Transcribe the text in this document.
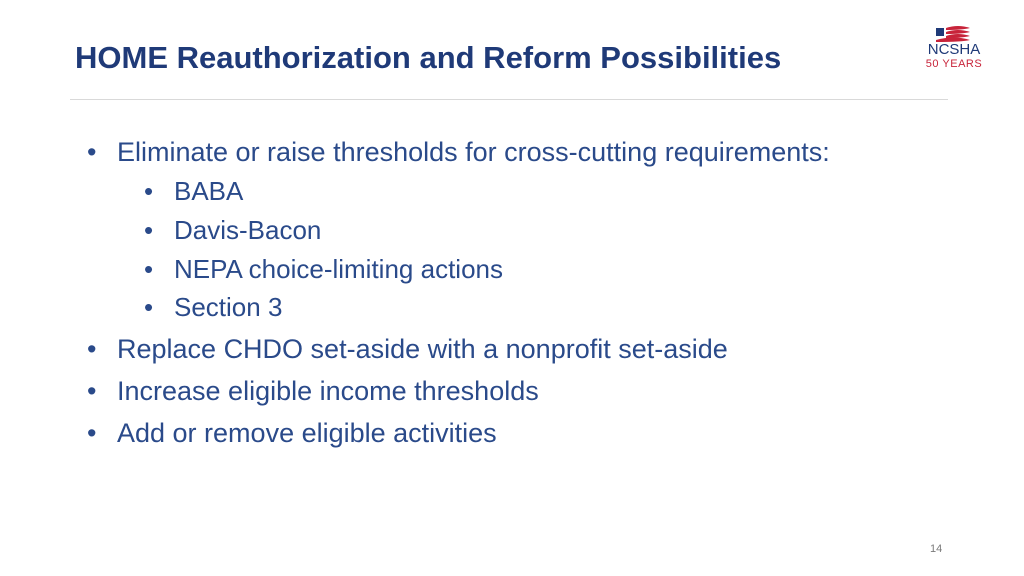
HOME Reauthorization and Reform Possibilities	NCSHA
50 YEARS
• Eliminate or raise thresholds for cross-cutting requirements:
• BABA
• Davis-Bacon
• NEPA choice-limiting actions
• Section 3
• Replace CHDO set-aside with a nonprofit set-aside
• Increase eligible income thresholds
• Add or remove eligible activities
14
